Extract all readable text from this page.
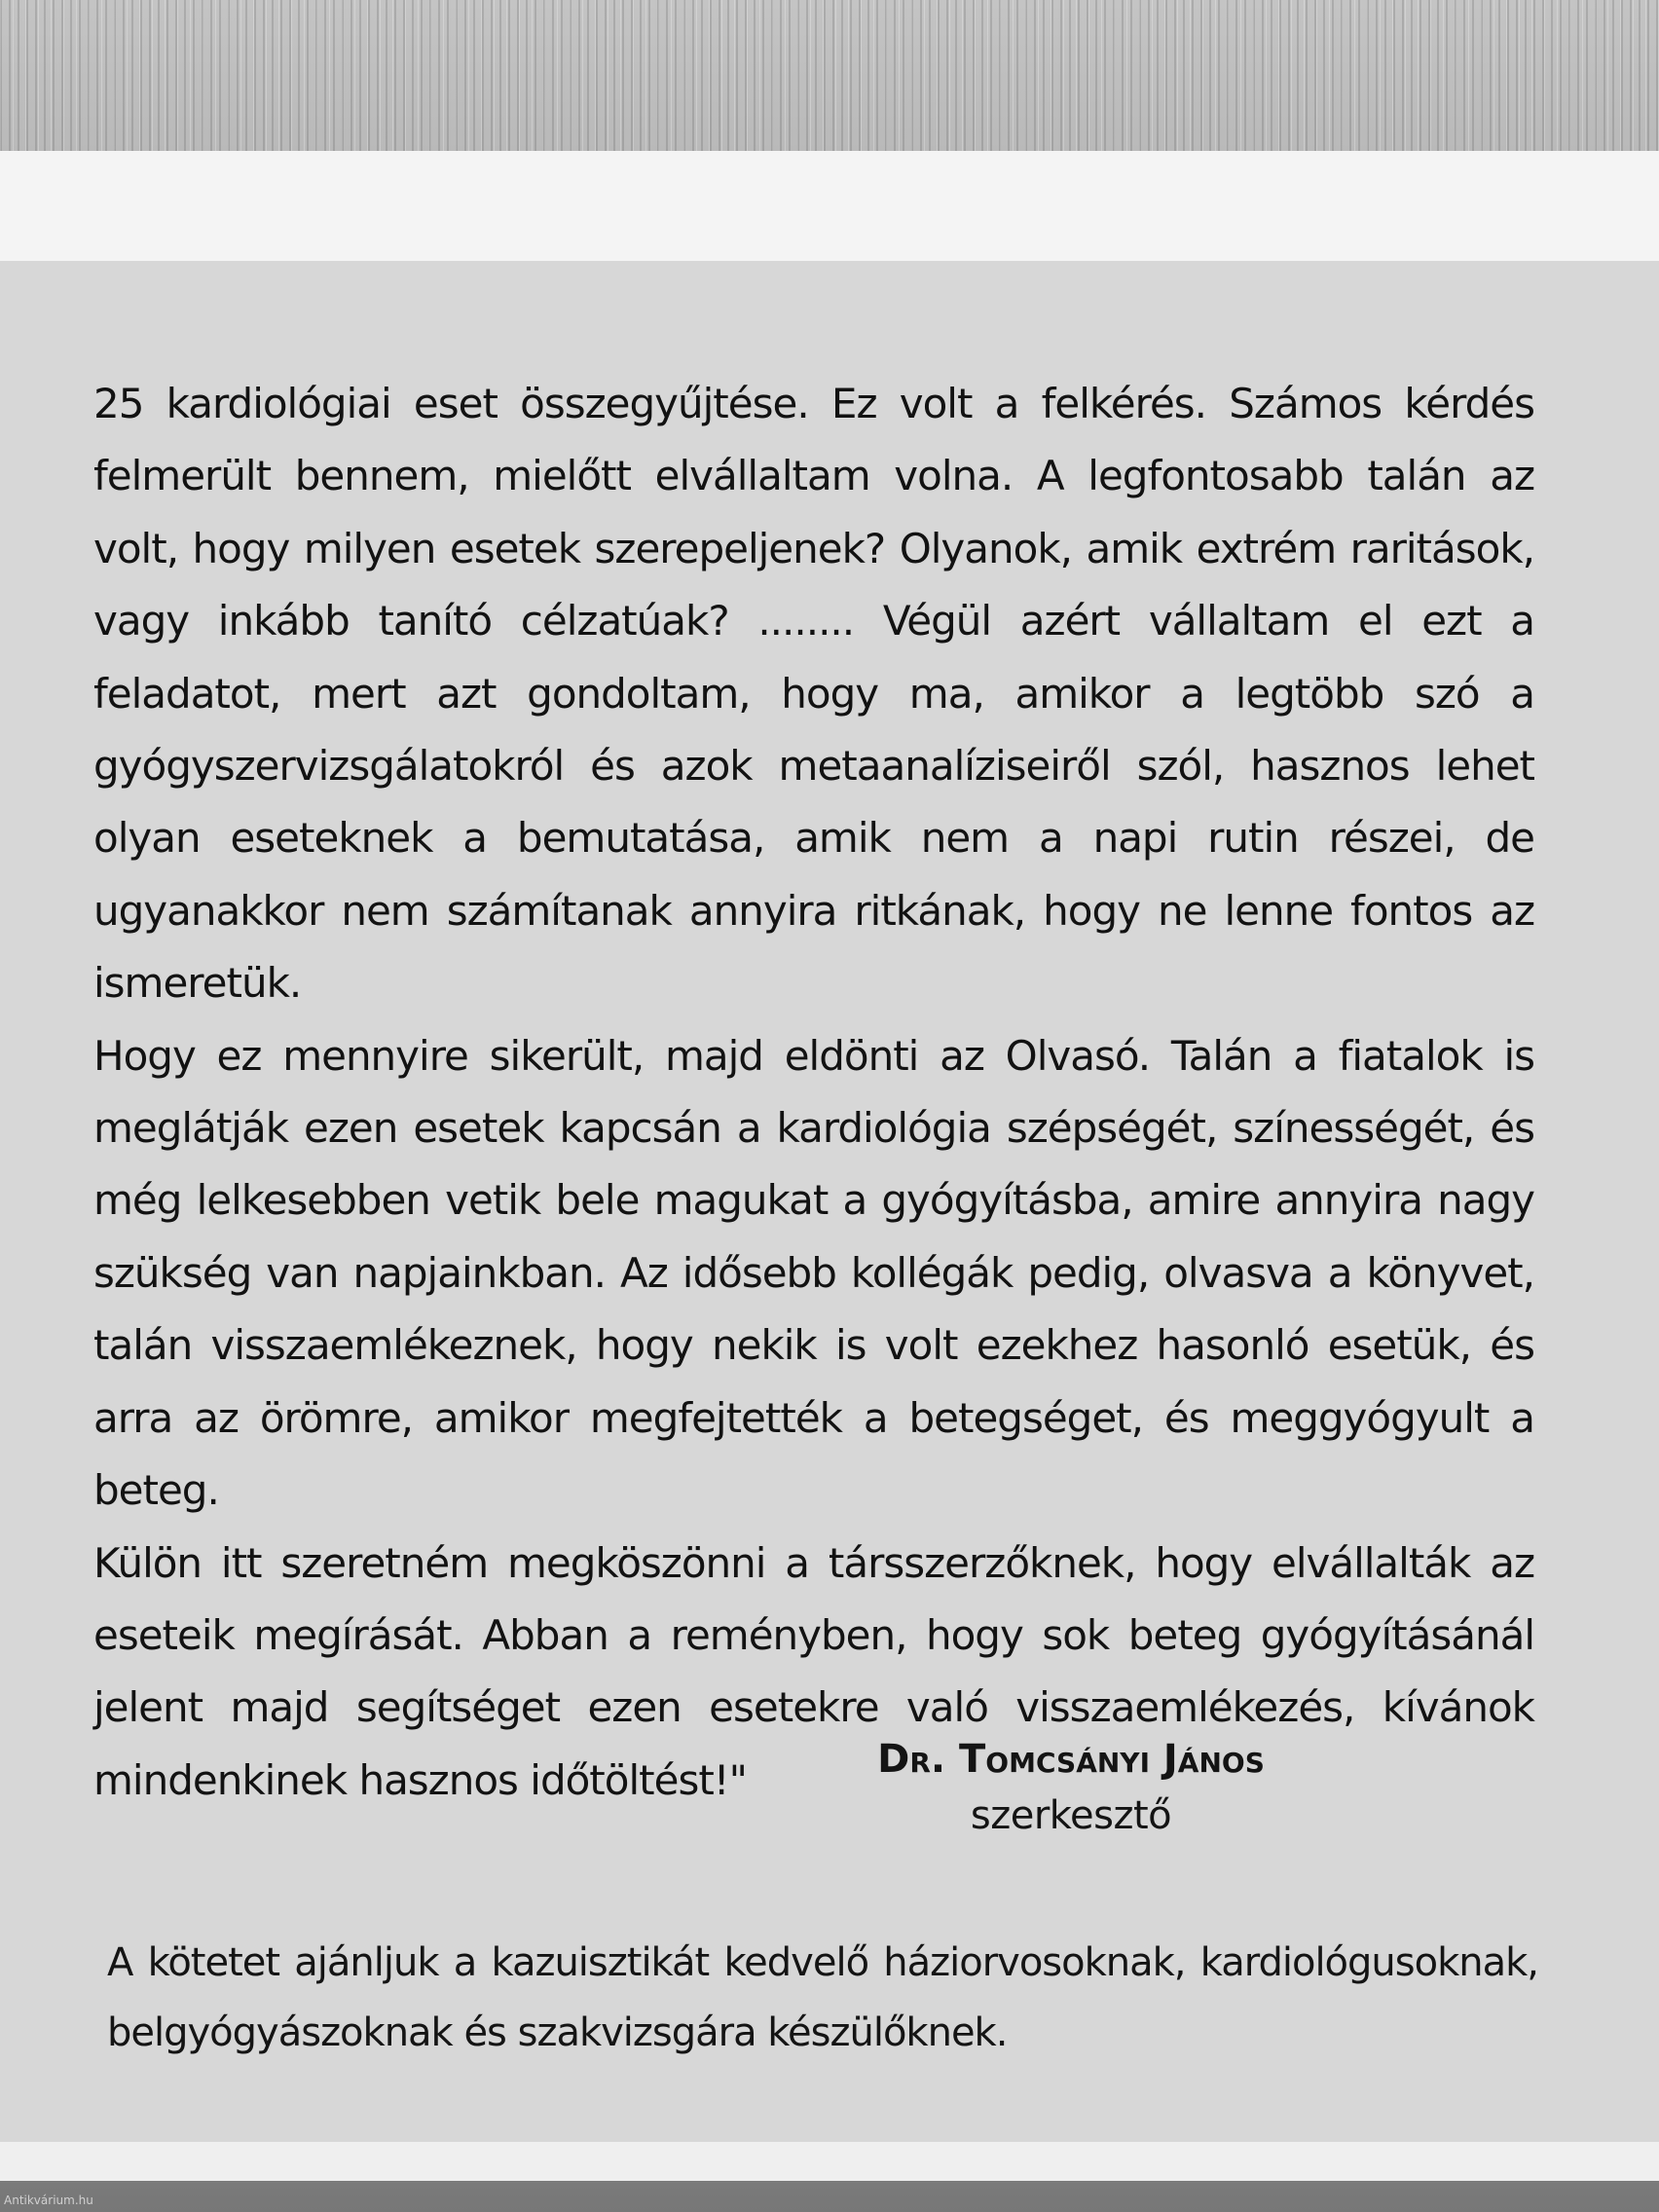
25 kardiológiai eset összegyűjtése. Ez volt a felkérés. Számos kérdés felmerült bennem, mielőtt elvállaltam volna. A legfontosabb talán az volt, hogy milyen esetek szerepeljenek? Olyanok, amik extrém raritások, vagy inkább tanító célzatúak? ........ Végül azért vállaltam el ezt a feladatot, mert azt gondoltam, hogy ma, amikor a legtöbb szó a gyógyszervizsgálatokról és azok metaanalíziseiről szól, hasznos lehet olyan eseteknek a bemutatása, amik nem a napi rutin részei, de ugyanakkor nem számítanak annyira ritkának, hogy ne lenne fontos az ismeretük.

Hogy ez mennyire sikerült, majd eldönti az Olvasó. Talán a fiatalok is meglátják ezen esetek kapcsán a kardiológia szépségét, színességét, és még lelkesebben vetik bele magukat a gyógyításba, amire annyira nagy szükség van napjainkban. Az idősebb kollégák pedig, olvasva a könyvet, talán visszaemlékeznek, hogy nekik is volt ezekhez hasonló esetük, és arra az örömre, amikor megfejtették a betegséget, és meggyógyult a beteg.

Külön itt szeretném megköszönni a társszerzőknek, hogy elvállalták az eseteik megírását. Abban a reményben, hogy sok beteg gyógyításánál jelent majd segítséget ezen esetekre való visszaemlékezés, kívánok mindenkinek hasznos időtöltést!"	Dr. Tomcsányi János
szerkesztő
A kötetet ajánljuk a kazuisztikát kedvelő háziorvosoknak, kardiológusoknak, belgyógyászoknak és szakvizsgára készülőknek.
Antikvárium.hu
